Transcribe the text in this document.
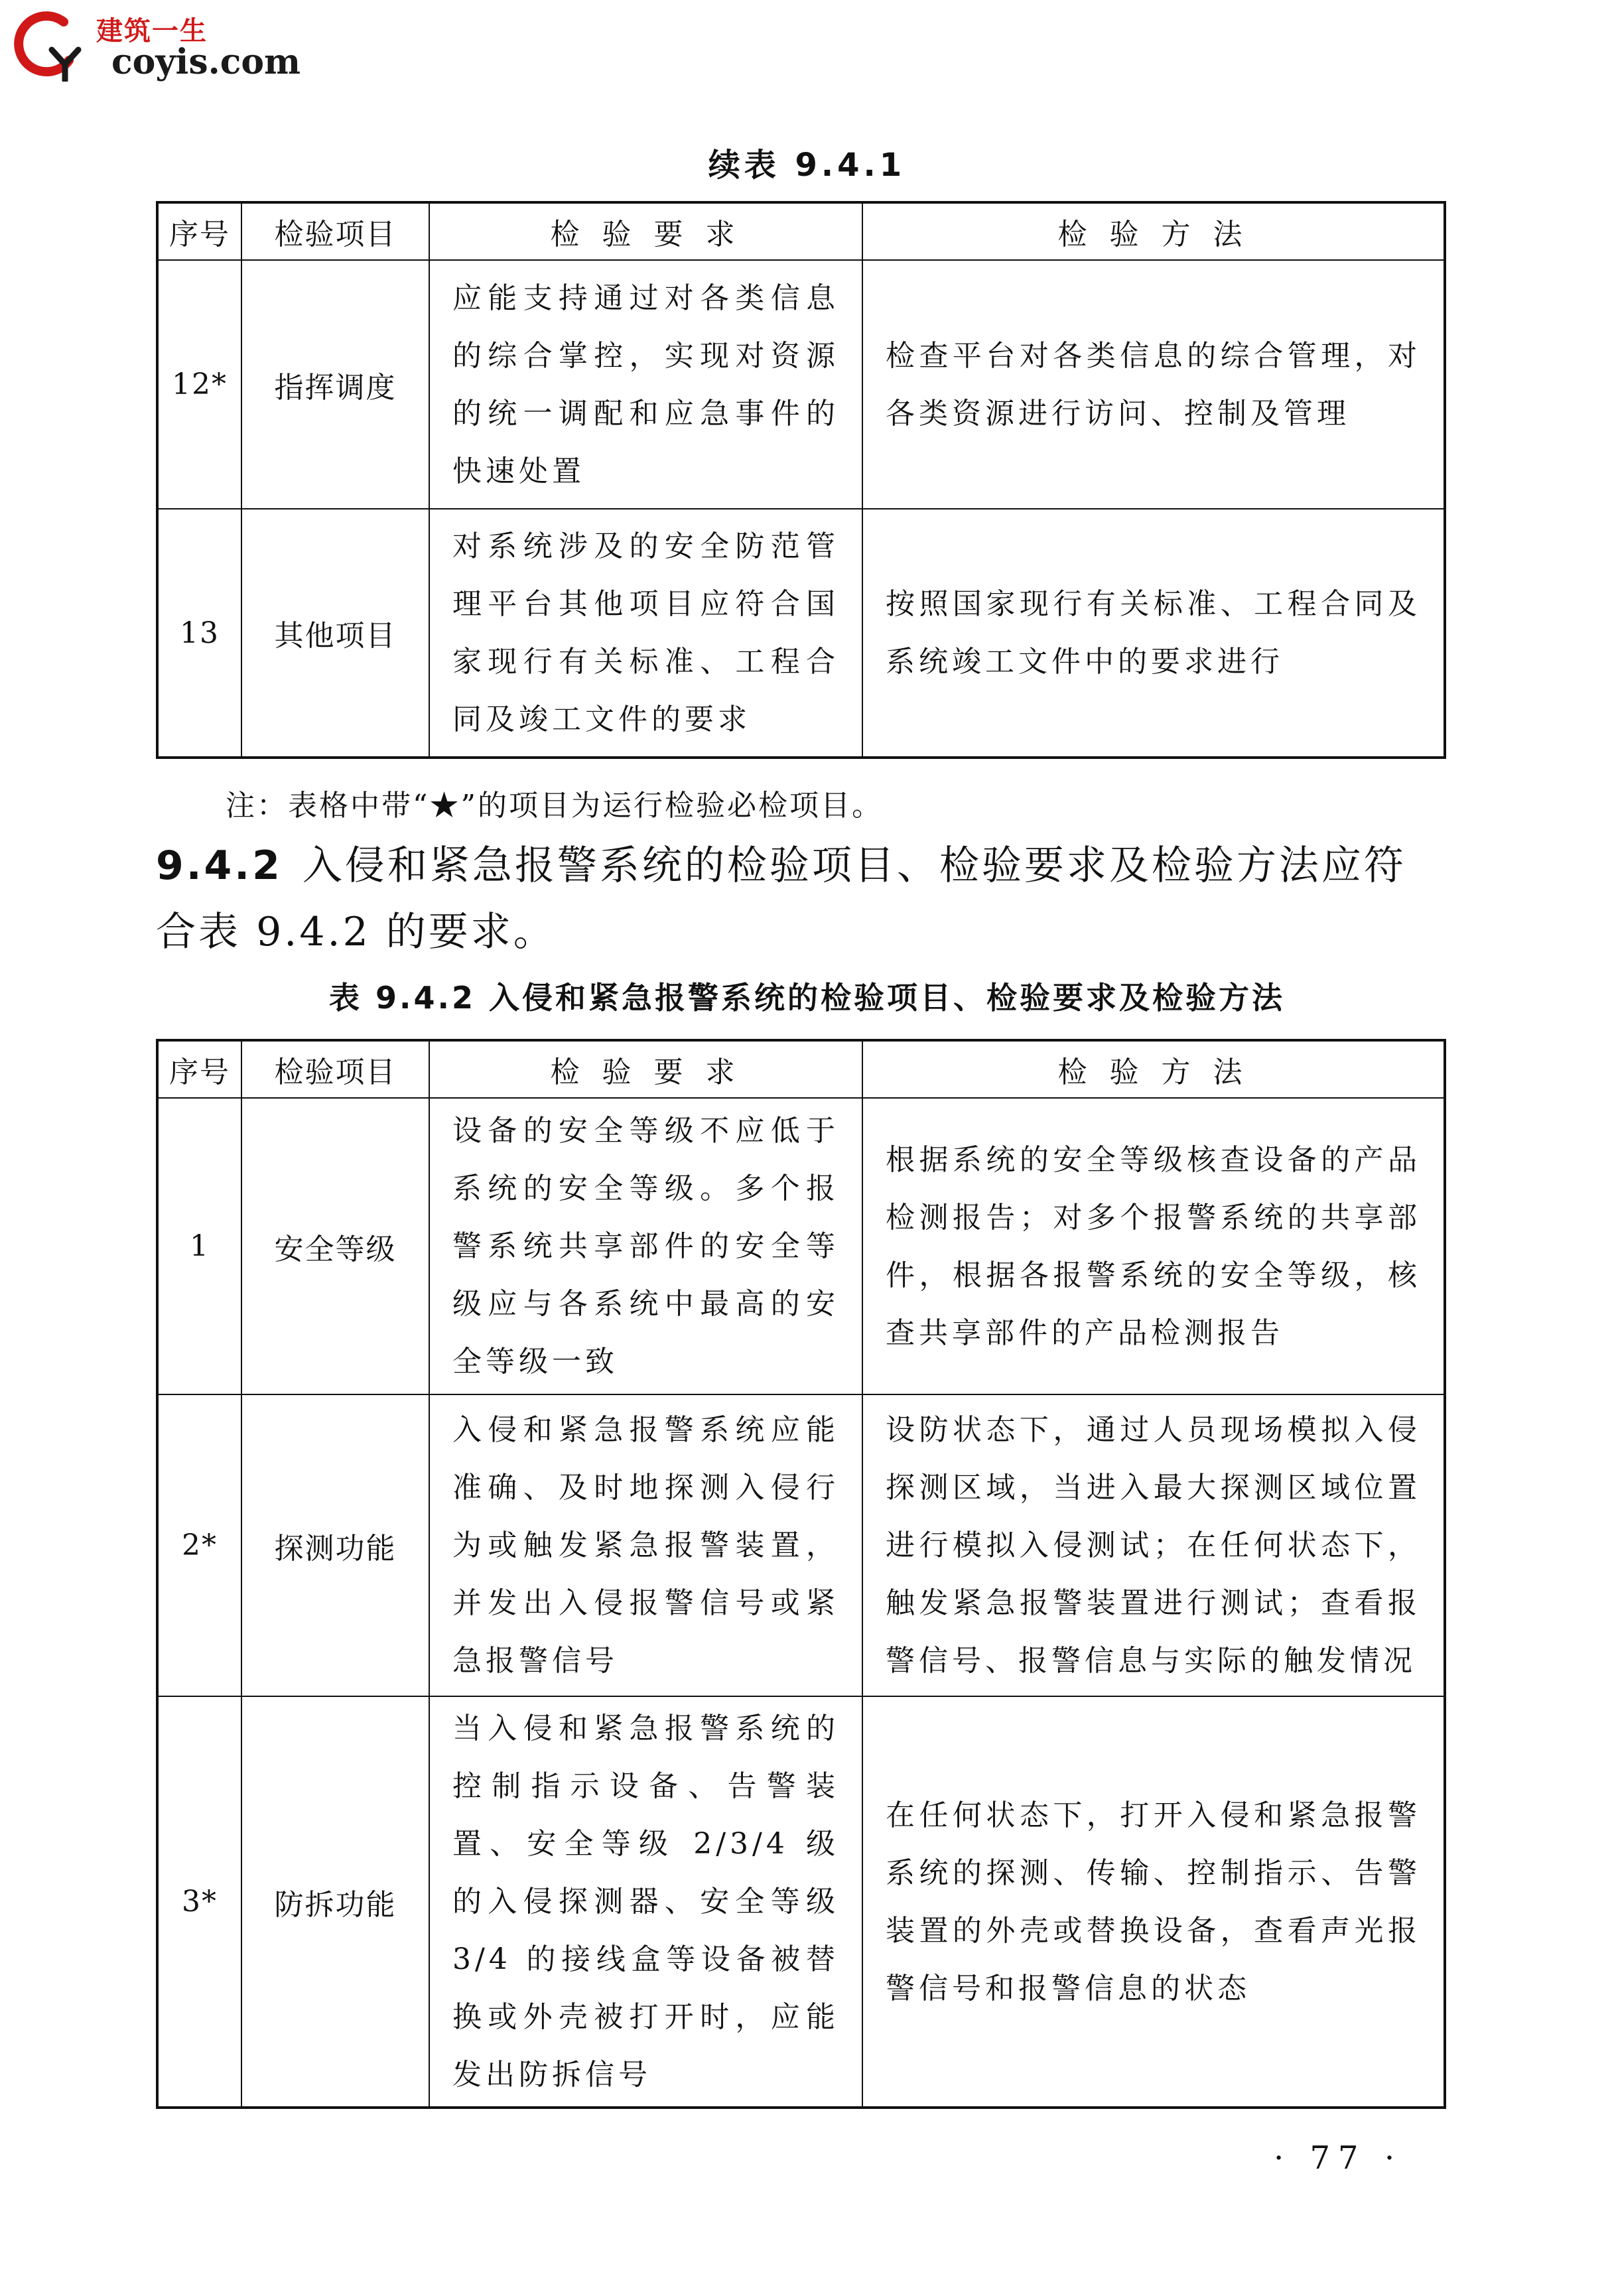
建筑一生
coyis.com
续表 9.4.1
序号	检验项目	检 验 要 求	检 验 方 法
12*	指挥调度	应能支持通过对各类信息的综合掌控，实现对资源的统一调配和应急事件的快速处置	检查平台对各类信息的综合管理，对各类资源进行访问、控制及管理
13	其他项目	对系统涉及的安全防范管理平台其他项目应符合国家现行有关标准、工程合同及竣工文件的要求	按照国家现行有关标准、工程合同及系统竣工文件中的要求进行
注：表格中带“★”的项目为运行检验必检项目。
9.4.2 入侵和紧急报警系统的检验项目、检验要求及检验方法应符合表 9.4.2 的要求。
表 9.4.2 入侵和紧急报警系统的检验项目、检验要求及检验方法
序号	检验项目	检 验 要 求	检 验 方 法
1	安全等级	设备的安全等级不应低于系统的安全等级。多个报警系统共享部件的安全等级应与各系统中最高的安全等级一致	根据系统的安全等级核查设备的产品检测报告；对多个报警系统的共享部件，根据各报警系统的安全等级，核查共享部件的产品检测报告
2*	探测功能	入侵和紧急报警系统应能准确、及时地探测入侵行为或触发紧急报警装置，并发出入侵报警信号或紧急报警信号	设防状态下，通过人员现场模拟入侵探测区域，当进入最大探测区域位置进行模拟入侵测试；在任何状态下，触发紧急报警装置进行测试；查看报警信号、报警信息与实际的触发情况
3*	防拆功能	当入侵和紧急报警系统的控制指示设备、告警装置、安全等级 2/3/4 级的入侵探测器、安全等级 3/4 的接线盒等设备被替换或外壳被打开时，应能发出防拆信号	在任何状态下，打开入侵和紧急报警系统的探测、传输、控制指示、告警装置的外壳或替换设备，查看声光报警信号和报警信息的状态
· 77 ·
